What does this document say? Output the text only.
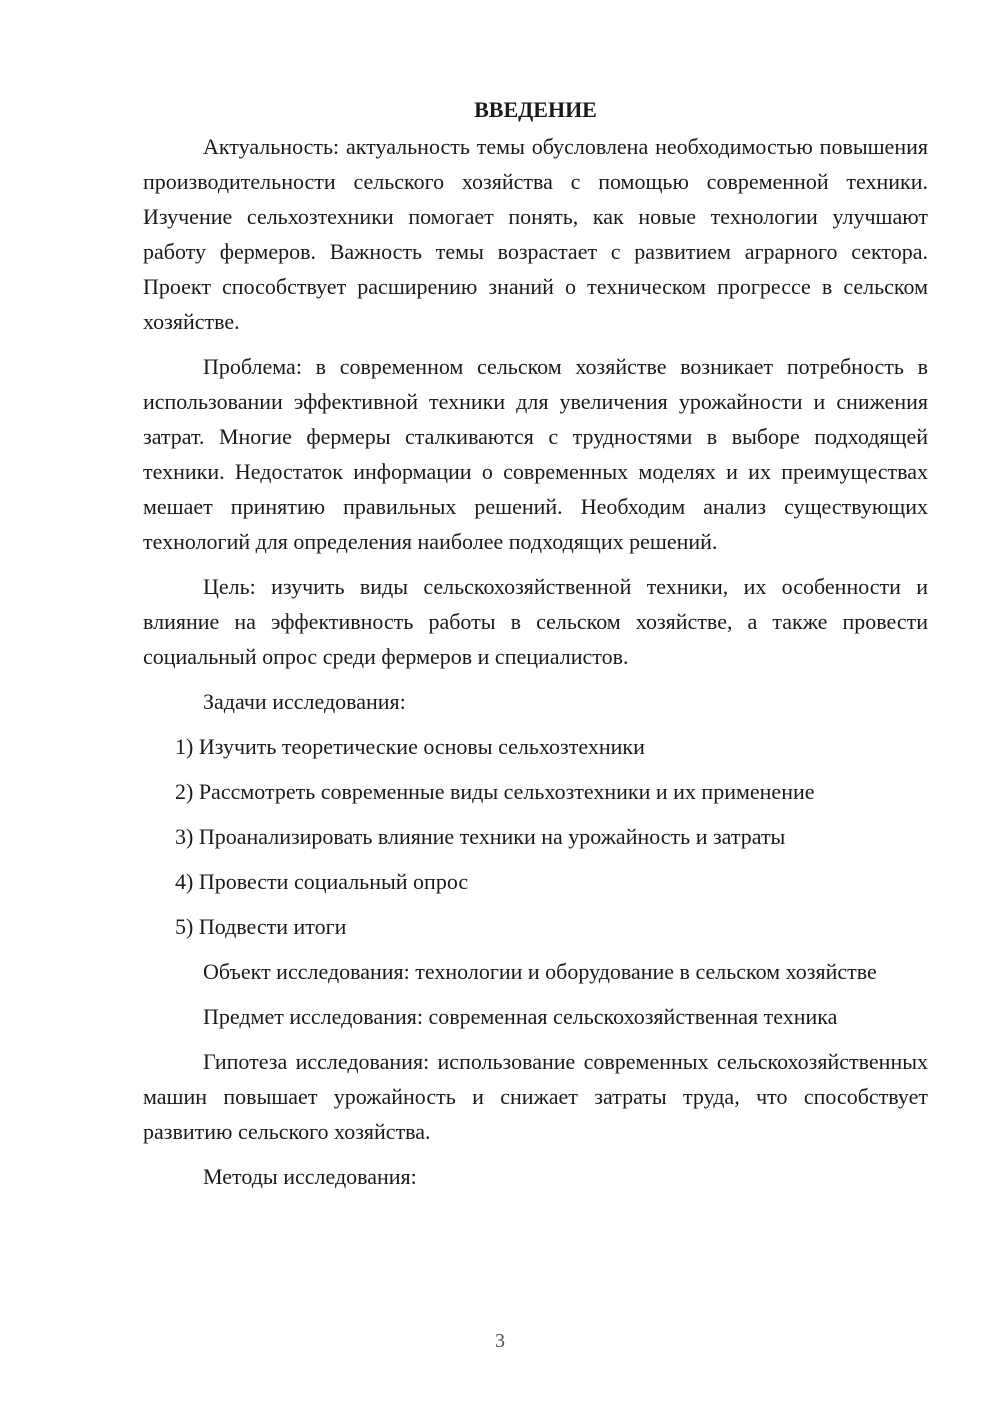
ВВЕДЕНИЕ

Актуальность: актуальность темы обусловлена необходимостью повышения производительности сельского хозяйства с помощью современной техники. Изучение сельхозтехники помогает понять, как новые технологии улучшают работу фермеров. Важность темы возрастает с развитием аграрного сектора. Проект способствует расширению знаний о техническом прогрессе в сельском хозяйстве.

Проблема: в современном сельском хозяйстве возникает потребность в использовании эффективной техники для увеличения урожайности и снижения затрат. Многие фермеры сталкиваются с трудностями в выборе подходящей техники. Недостаток информации о современных моделях и их преимуществах мешает принятию правильных решений. Необходим анализ существующих технологий для определения наиболее подходящих решений.

Цель: изучить виды сельскохозяйственной техники, их особенности и влияние на эффективность работы в сельском хозяйстве, а также провести социальный опрос среди фермеров и специалистов.

Задачи исследования:

1) Изучить теоретические основы сельхозтехники

2) Рассмотреть современные виды сельхозтехники и их применение

3) Проанализировать влияние техники на урожайность и затраты

4) Провести социальный опрос

5) Подвести итоги

Объект исследования: технологии и оборудование в сельском хозяйстве

Предмет исследования: современная сельскохозяйственная техника

Гипотеза исследования: использование современных сельскохозяйственных машин повышает урожайность и снижает затраты труда, что способствует развитию сельского хозяйства.

Методы исследования:

3
